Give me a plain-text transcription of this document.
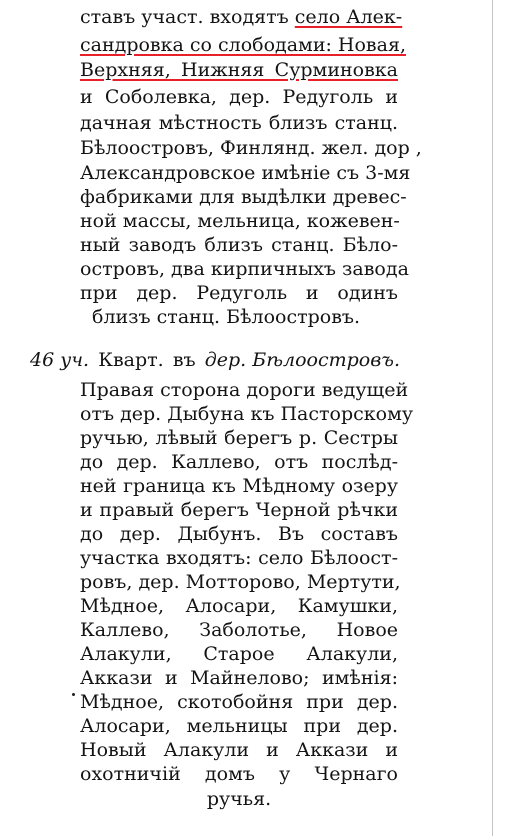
ставъ участ. входятъ село Алек-
сандровка со слободами: Новая,
Верхняя, Нижняя Сурминовка
и Соболевка, дер. Редуголь и
дачная мѣстность близъ станц.
Бѣлоостровъ, Финлянд. жел. дор ,
Александровское имѣніе съ 3-мя
фабриками для выдѣлки древес-
ной массы, мельница, кожевен-
ный заводъ близъ станц. Бѣло-
островъ, два кирпичныхъ завода
при дер. Редуголь и одинъ
близъ станц. Бѣлоостровъ.
46 уч. Кварт. въ дер. Бѣлоостровъ.
Правая сторона дороги ведущей
отъ дер. Дыбуна къ Пасторскому
ручью, лѣвый берегъ р. Сестры
до дер. Каллево, отъ послѣд-
ней граница къ Мѣдному озеру
и правый берегъ Черной рѣчки
до дер. Дыбунъ. Въ составъ
участка входятъ: село Бѣлоост-
ровъ, дер. Мотторово, Мертути,
Мѣдное, Алосари, Камушки,
Каллево, Заболотье, Новое
Алакули, Старое Алакули,
Аккази и Майнелово; имѣнія:
Мѣдное, скотобойня при дер.
Алосари, мельницы при дер.
Новый Алакули и Аккази и
охотничій домъ у Чернаго
ручья.
